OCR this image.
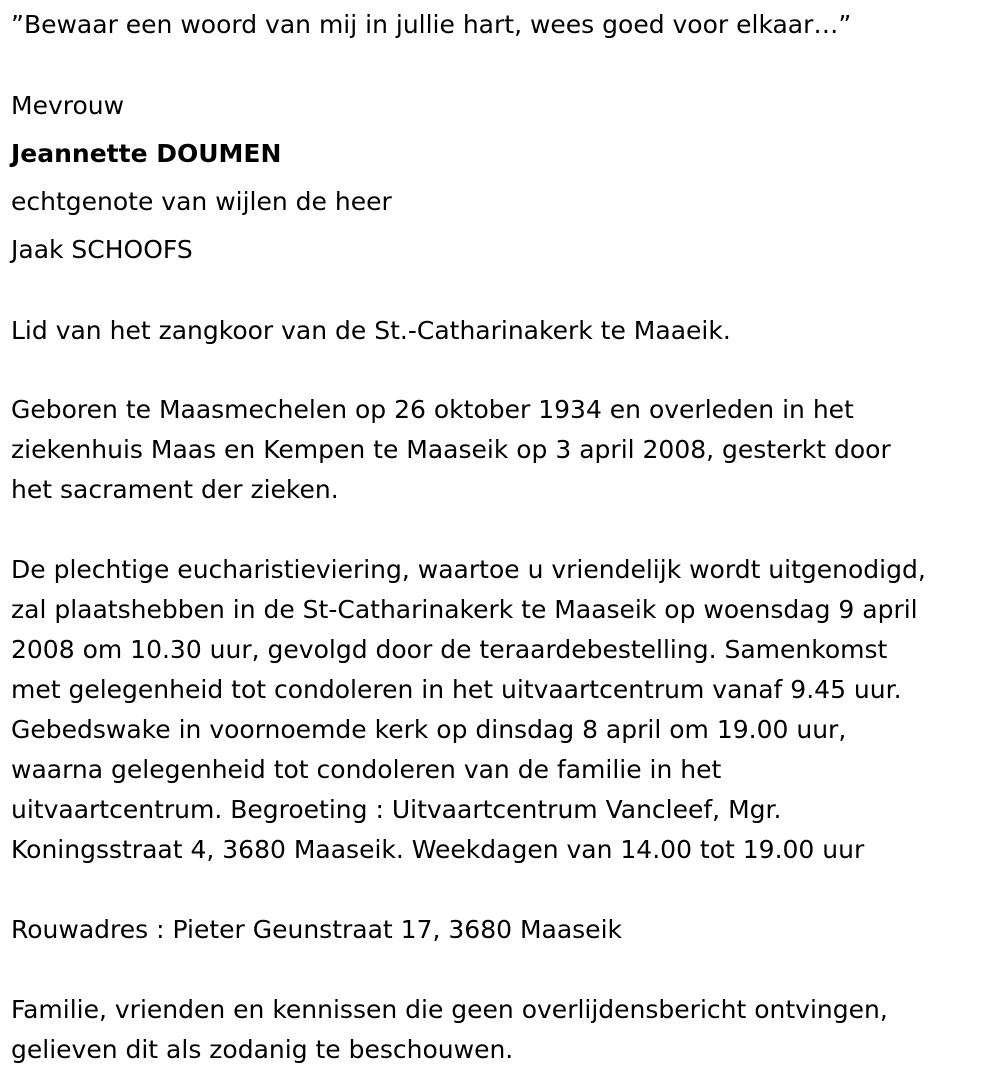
”Bewaar een woord van mij in jullie hart, wees goed voor elkaar…”

Mevrouw

Jeannette DOUMEN

echtgenote van wijlen de heer

Jaak SCHOOFS

Lid van het zangkoor van de St.-Catharinakerk te Maaeik.

Geboren te Maasmechelen op 26 oktober 1934 en overleden in het
ziekenhuis Maas en Kempen te Maaseik op 3 april 2008, gesterkt door
het sacrament der zieken.
De plechtige eucharistieviering, waartoe u vriendelijk wordt uitgenodigd,
zal plaatshebben in de St-Catharinakerk te Maaseik op woensdag 9 april
2008 om 10.30 uur, gevolgd door de teraardebestelling. Samenkomst
met gelegenheid tot condoleren in het uitvaartcentrum vanaf 9.45 uur.
Gebedswake in voornoemde kerk op dinsdag 8 april om 19.00 uur,
waarna gelegenheid tot condoleren van de familie in het
uitvaartcentrum. Begroeting : Uitvaartcentrum Vancleef, Mgr.
Koningsstraat 4, 3680 Maaseik. Weekdagen van 14.00 tot 19.00 uur

Rouwadres : Pieter Geunstraat 17, 3680 Maaseik

Familie, vrienden en kennissen die geen overlijdensbericht ontvingen,
gelieven dit als zodanig te beschouwen.
